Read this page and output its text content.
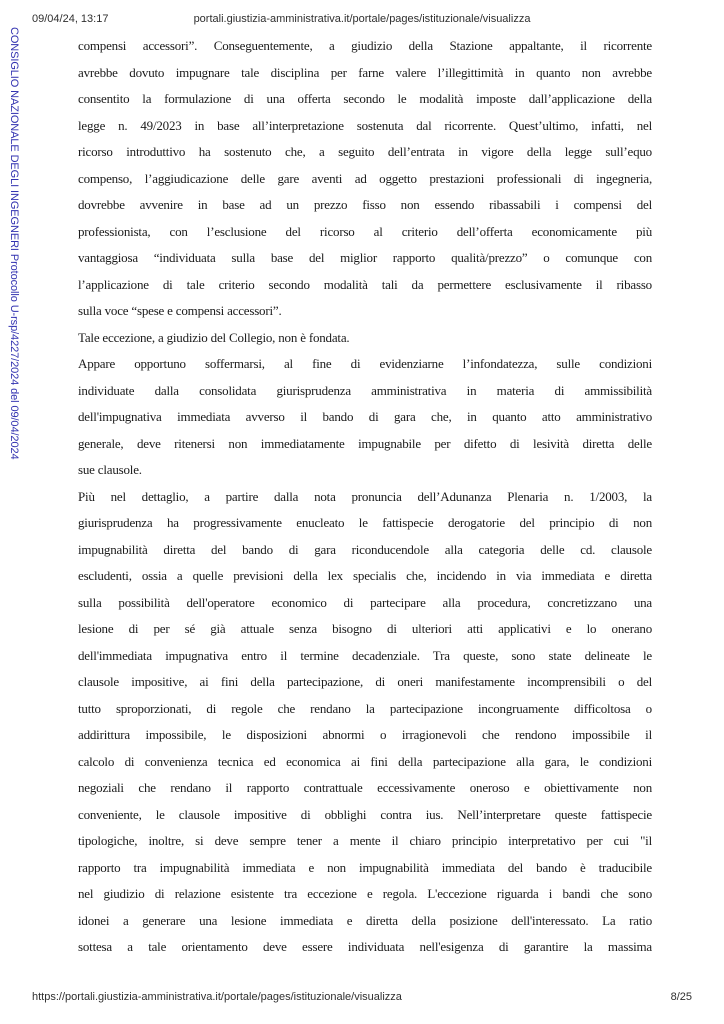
09/04/24, 13:17	portali.giustizia-amministrativa.it/portale/pages/istituzionale/visualizza
CONSIGLIO NAZIONALE DEGLI INGEGNERI Protocollo U-rsp/4227/2024 del 09/04/2024	compensi accessori”. Conseguentemente, a giudizio della Stazione appaltante, il ricorrente
avrebbe dovuto impugnare tale disciplina per farne valere l’illegittimità in quanto non avrebbe
consentito la formulazione di una offerta secondo le modalità imposte dall’applicazione della
legge n. 49/2023 in base all’interpretazione sostenuta dal ricorrente. Quest’ultimo, infatti, nel
ricorso introduttivo ha sostenuto che, a seguito dell’entrata in vigore della legge sull’equo
compenso, l’aggiudicazione delle gare aventi ad oggetto prestazioni professionali di ingegneria,
dovrebbe avvenire in base ad un prezzo fisso non essendo ribassabili i compensi del
professionista, con l’esclusione del ricorso al criterio dell’offerta economicamente più
vantaggiosa “individuata sulla base del miglior rapporto qualità/prezzo” o comunque con
l’applicazione di tale criterio secondo modalità tali da permettere esclusivamente il ribasso
sulla voce “spese e compensi accessori”.
Tale eccezione, a giudizio del Collegio, non è fondata.
Appare opportuno soffermarsi, al fine di evidenziarne l’infondatezza, sulle condizioni
individuate dalla consolidata giurisprudenza amministrativa in materia di ammissibilità
dell'impugnativa immediata avverso il bando di gara che, in quanto atto amministrativo
generale, deve ritenersi non immediatamente impugnabile per difetto di lesività diretta delle
sue clausole.
Più nel dettaglio, a partire dalla nota pronuncia dell’Adunanza Plenaria n. 1/2003, la
giurisprudenza ha progressivamente enucleato le fattispecie derogatorie del principio di non
impugnabilità diretta del bando di gara riconducendole alla categoria delle cd. clausole
escludenti, ossia a quelle previsioni della lex specialis che, incidendo in via immediata e diretta
sulla possibilità dell'operatore economico di partecipare alla procedura, concretizzano una
lesione di per sé già attuale senza bisogno di ulteriori atti applicativi e lo onerano
dell'immediata impugnativa entro il termine decadenziale. Tra queste, sono state delineate le
clausole impositive, ai fini della partecipazione, di oneri manifestamente incomprensibili o del
tutto sproporzionati, di regole che rendano la partecipazione incongruamente difficoltosa o
addirittura impossibile, le disposizioni abnormi o irragionevoli che rendono impossibile il
calcolo di convenienza tecnica ed economica ai fini della partecipazione alla gara, le condizioni
negoziali che rendano il rapporto contrattuale eccessivamente oneroso e obiettivamente non
conveniente, le clausole impositive di obblighi contra ius. Nell’interpretare queste fattispecie
tipologiche, inoltre, si deve sempre tener a mente il chiaro principio interpretativo per cui "il
rapporto tra impugnabilità immediata e non impugnabilità immediata del bando è traducibile
nel giudizio di relazione esistente tra eccezione e regola. L'eccezione riguarda i bandi che sono
idonei a generare una lesione immediata e diretta della posizione dell'interessato. La ratio
sottesa a tale orientamento deve essere individuata nell'esigenza di garantire la massima
https://portali.giustizia-amministrativa.it/portale/pages/istituzionale/visualizza	8/25
